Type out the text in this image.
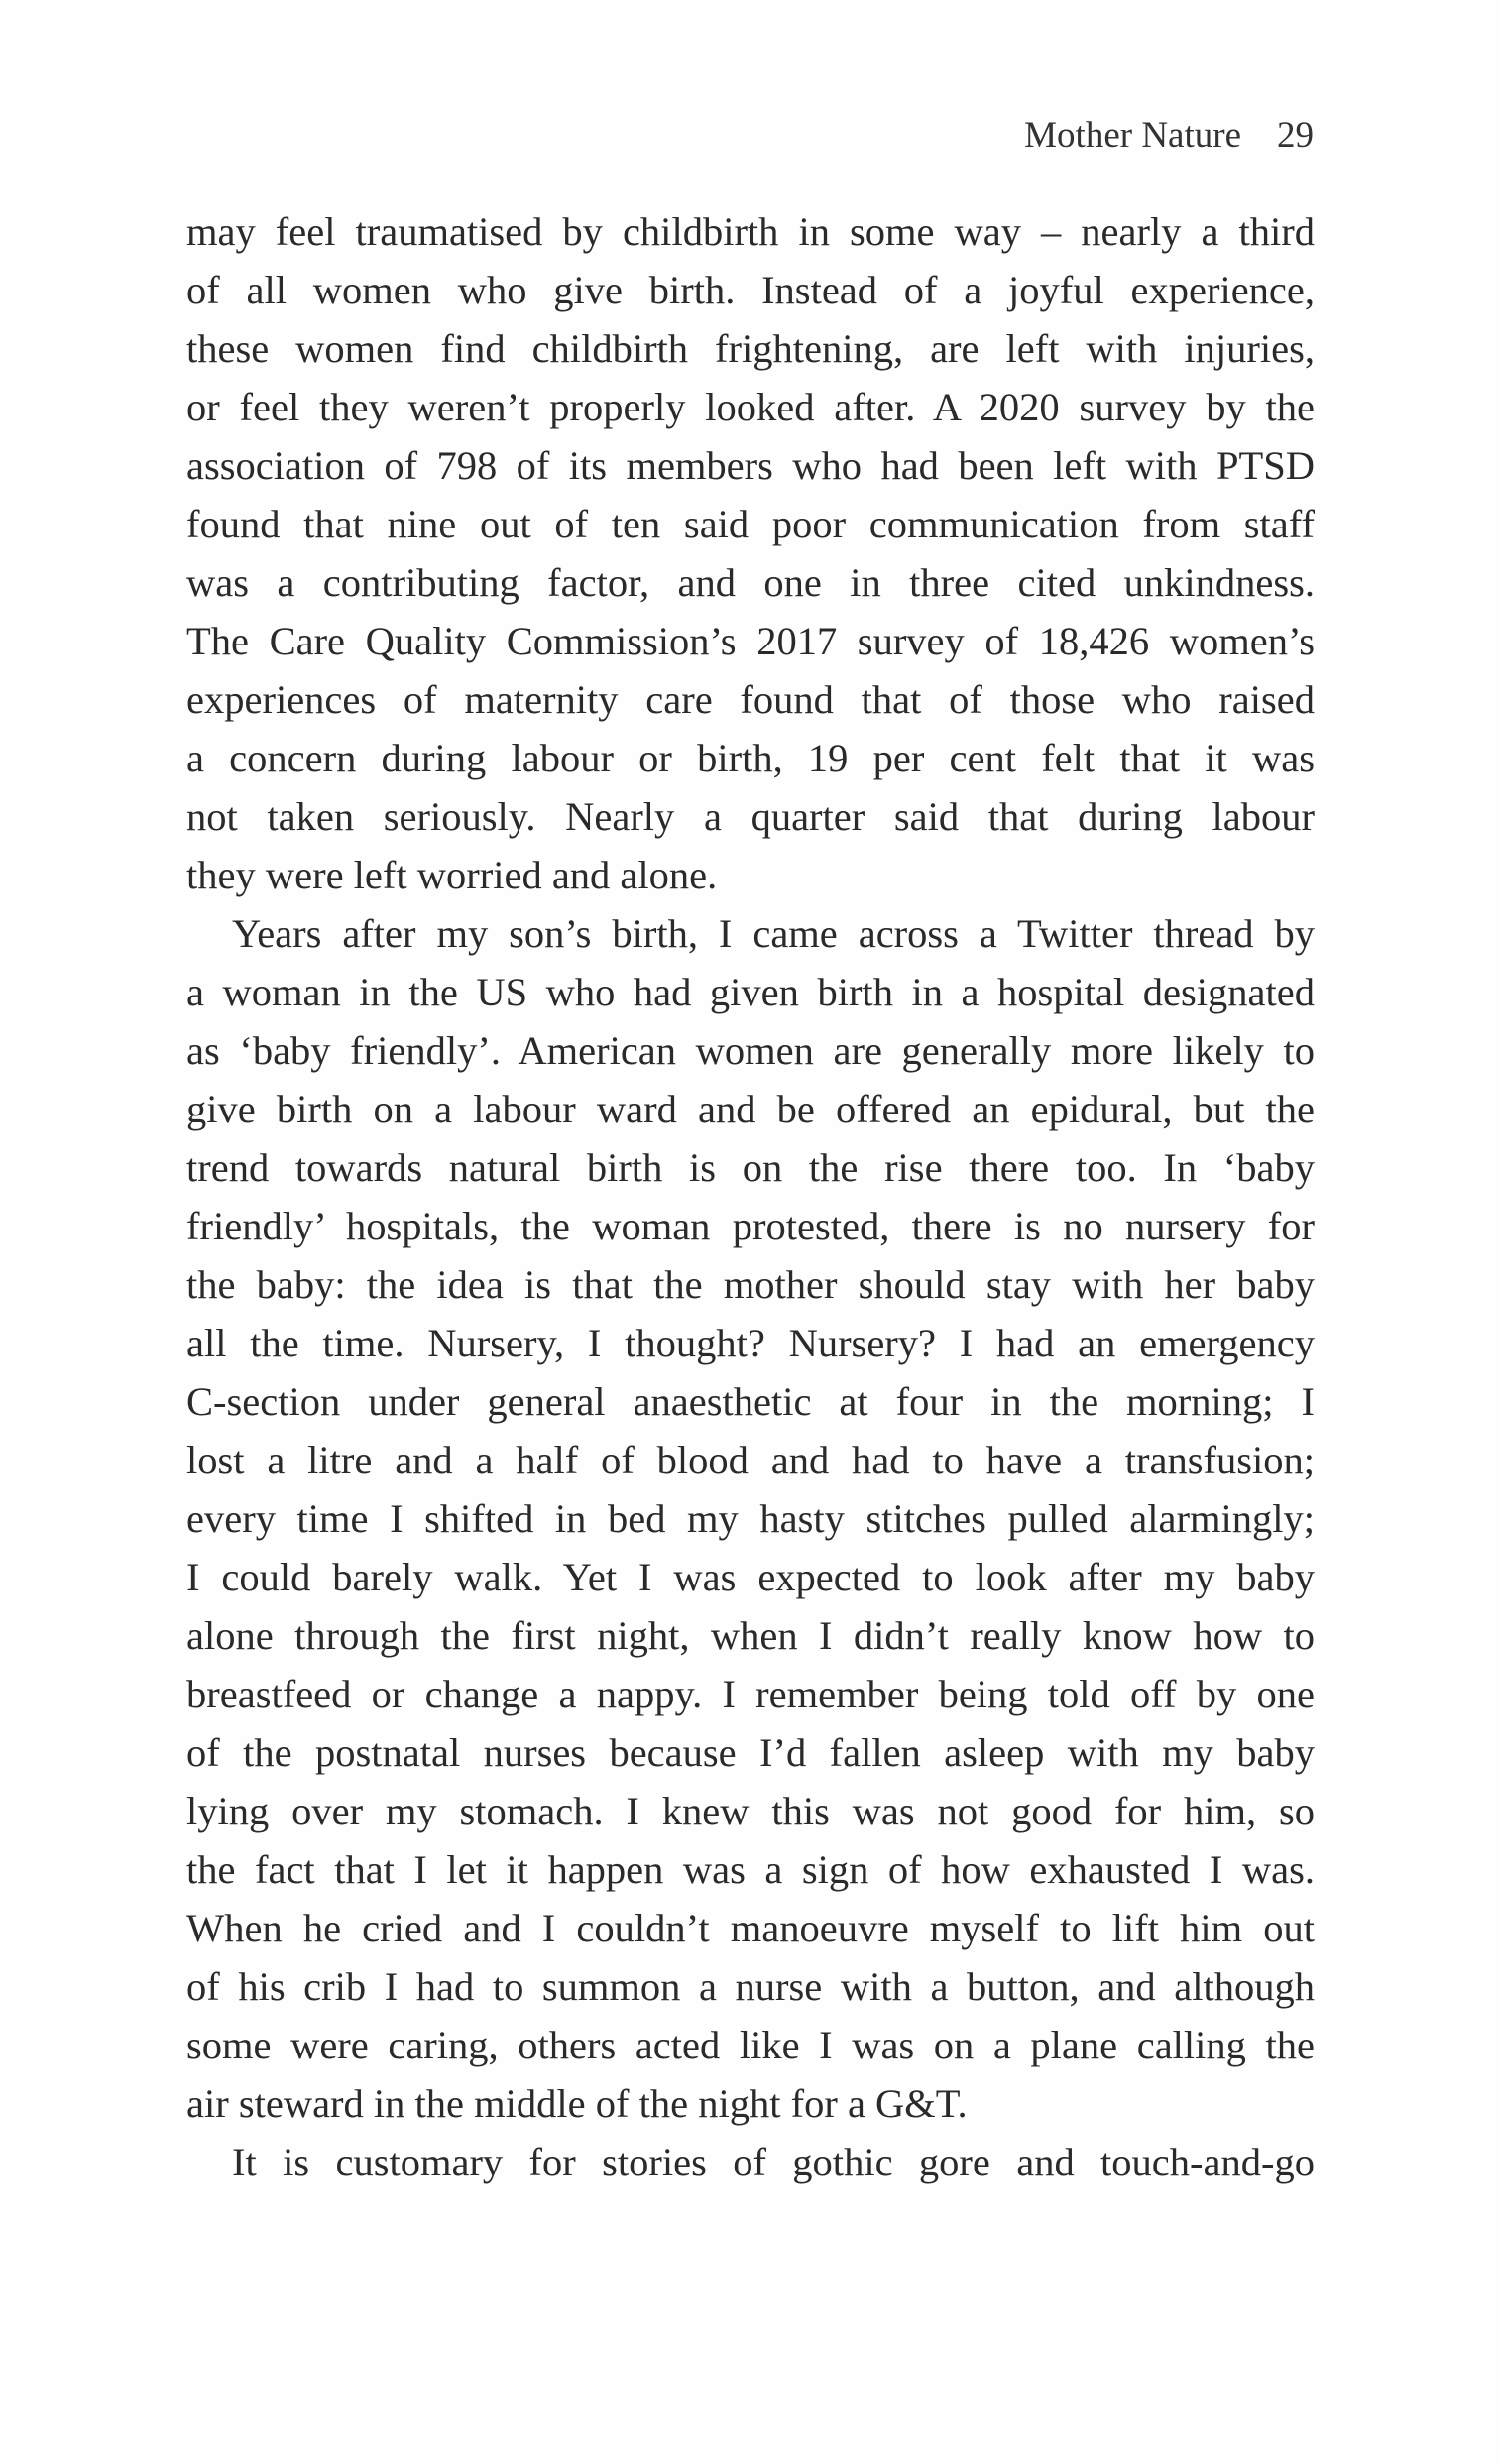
Mother Nature 29
may feel traumatised by childbirth in some way – nearly a third
of all women who give birth. Instead of a joyful experience,
these women find childbirth frightening, are left with injuries,
or feel they weren’t properly looked after. A 2020 survey by the
association of 798 of its members who had been left with PTSD
found that nine out of ten said poor communication from staff
was a contributing factor, and one in three cited unkindness.
The Care Quality Commission’s 2017 survey of 18,426 women’s
experiences of maternity care found that of those who raised
a concern during labour or birth, 19 per cent felt that it was
not taken seriously. Nearly a quarter said that during labour
they were left worried and alone.
Years after my son’s birth, I came across a Twitter thread by
a woman in the US who had given birth in a hospital designated
as ‘baby friendly’. American women are generally more likely to
give birth on a labour ward and be offered an epidural, but the
trend towards natural birth is on the rise there too. In ‘baby
friendly’ hospitals, the woman protested, there is no nursery for
the baby: the idea is that the mother should stay with her baby
all the time. Nursery, I thought? Nursery? I had an emergency
C-section under general anaesthetic at four in the morning; I
lost a litre and a half of blood and had to have a transfusion;
every time I shifted in bed my hasty stitches pulled alarmingly;
I could barely walk. Yet I was expected to look after my baby
alone through the first night, when I didn’t really know how to
breastfeed or change a nappy. I remember being told off by one
of the postnatal nurses because I’d fallen asleep with my baby
lying over my stomach. I knew this was not good for him, so
the fact that I let it happen was a sign of how exhausted I was.
When he cried and I couldn’t manoeuvre myself to lift him out
of his crib I had to summon a nurse with a button, and although
some were caring, others acted like I was on a plane calling the
air steward in the middle of the night for a G&T.
It is customary for stories of gothic gore and touch-and-go
